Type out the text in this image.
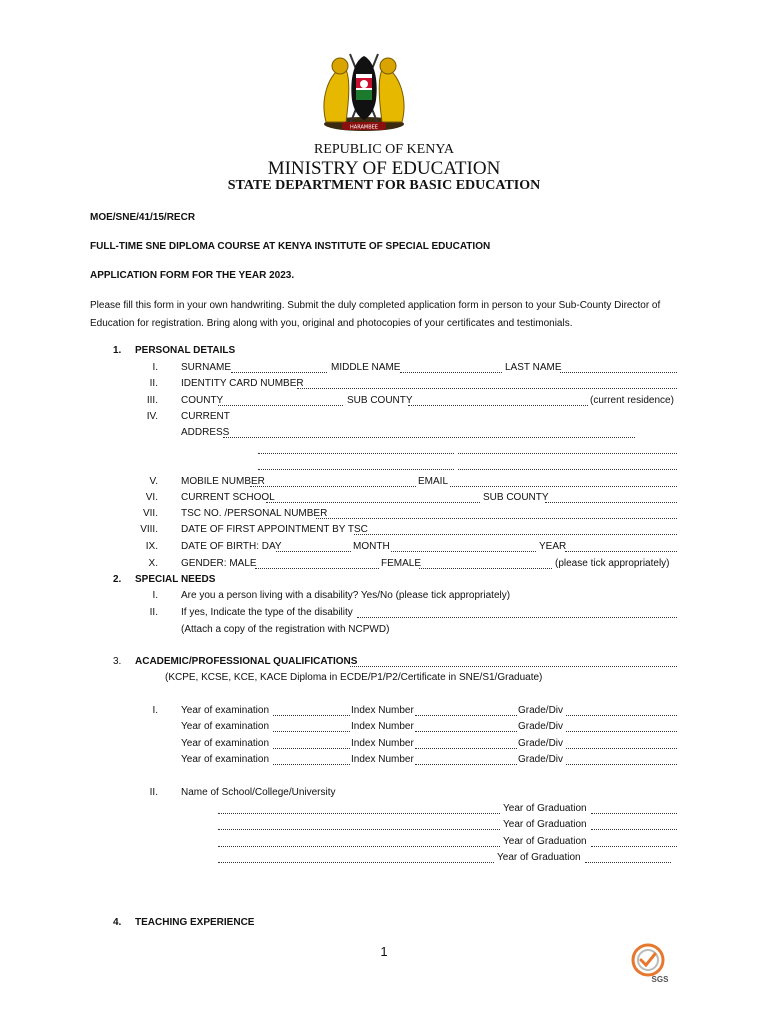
HARAMBEE
REPUBLIC OF KENYA
MINISTRY OF EDUCATION
STATE DEPARTMENT FOR BASIC EDUCATION
MOE/SNE/41/15/RECR
FULL-TIME SNE DIPLOMA COURSE AT KENYA INSTITUTE OF SPECIAL EDUCATION
APPLICATION FORM FOR THE YEAR 2023.
Please fill this form in your own handwriting. Submit the duly completed application form in person to your Sub-County Director of Education for registration. Bring along with you, original and photocopies of your certificates and testimonials.
1. PERSONAL DETAILS
I. SURNAME	MIDDLE NAME	LAST NAME
II. IDENTITY CARD NUMBER
III. COUNTY	SUB COUNTY	(current residence)
IV. CURRENT
ADDRESS
V. MOBILE NUMBER	EMAIL
VI. CURRENT SCHOOL	SUB COUNTY
VII. TSC NO. /PERSONAL NUMBER
VIII. DATE OF FIRST APPOINTMENT BY TSC
IX. DATE OF BIRTH: DAY	MONTH	YEAR
X. GENDER: MALE	FEMALE	(please tick appropriately)
2. SPECIAL NEEDS
I. Are you a person living with a disability? Yes/No (please tick appropriately)
II. If yes, Indicate the type of the disability
(Attach a copy of the registration with NCPWD)
3. ACADEMIC/PROFESSIONAL QUALIFICATIONS
(KCPE, KCSE, KCE, KACE Diploma in ECDE/P1/P2/Certificate in SNE/S1/Graduate)
I. Year of examination	Index Number	Grade/Div
Year of examination	Index Number	Grade/Div
Year of examination	Index Number	Grade/Div
Year of examination	Index Number	Grade/Div
II. Name of School/College/University
Year of Graduation
Year of Graduation
Year of Graduation
Year of Graduation
4. TEACHING EXPERIENCE
1
SGS
